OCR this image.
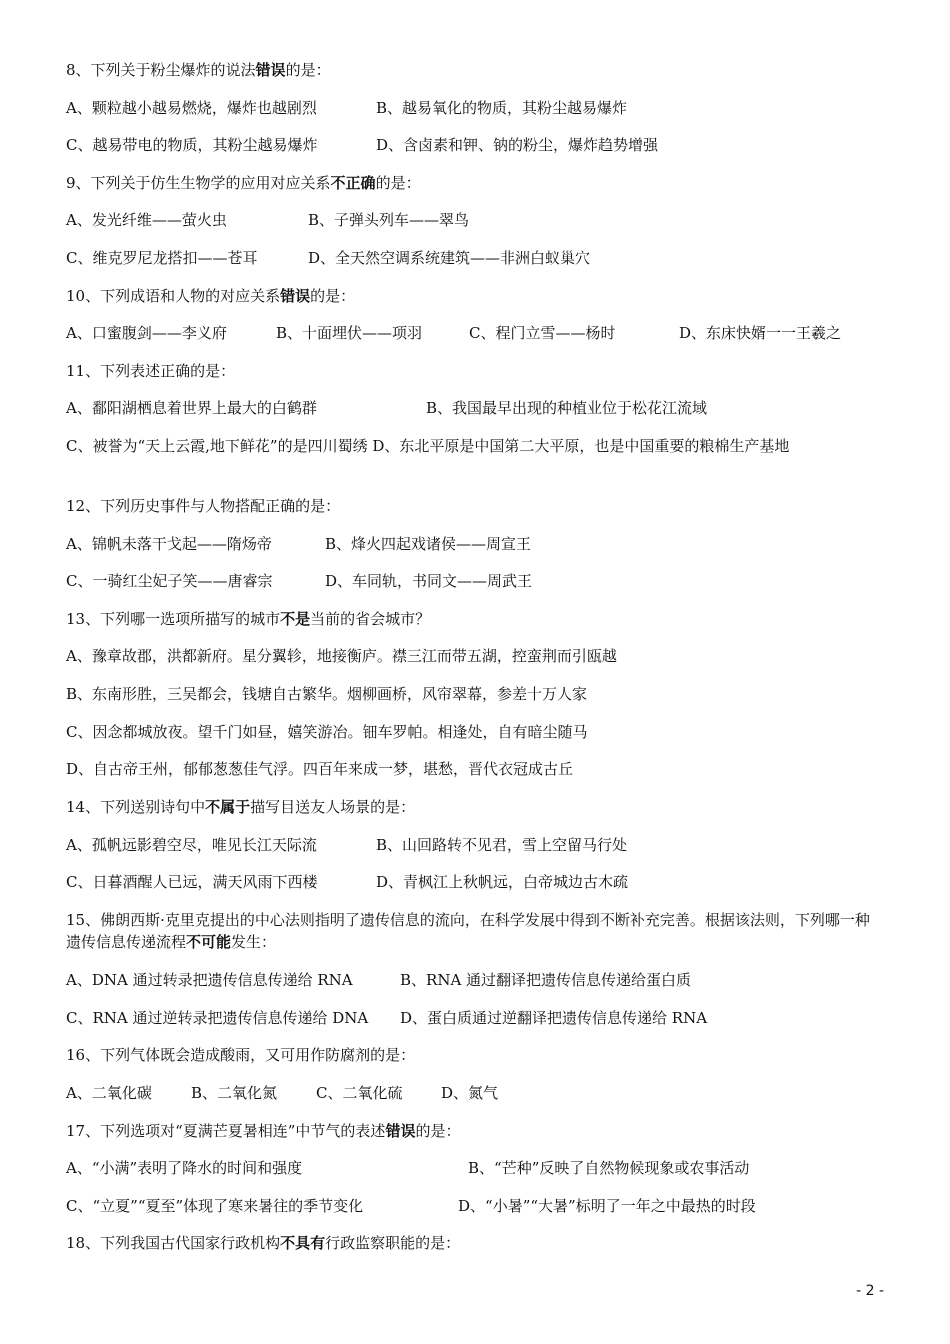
8、下列关于粉尘爆炸的说法错误的是：
A、颗粒越小越易燃烧，爆炸也越剧烈	B、越易氧化的物质，其粉尘越易爆炸
C、越易带电的物质，其粉尘越易爆炸	D、含卤素和钾、钠的粉尘，爆炸趋势增强
9、下列关于仿生生物学的应用对应关系不正确的是：
A、发光纤维——萤火虫	B、子弹头列车——翠鸟
C、维克罗尼龙搭扣——苍耳	D、全天然空调系统建筑——非洲白蚁巢穴
10、下列成语和人物的对应关系错误的是：
A、口蜜腹剑——李义府	B、十面埋伏——项羽	C、程门立雪——杨时	D、东床快婿一一王羲之
11、下列表述正确的是：
A、鄱阳湖栖息着世界上最大的白鹤群	B、我国最早出现的种植业位于松花江流域
C、被誉为“天上云霞,地下鲜花”的是四川蜀绣 D、东北平原是中国第二大平原，也是中国重要的粮棉生产基地
12、下列历史事件与人物搭配正确的是：
A、锦帆未落干戈起——隋炀帝	B、烽火四起戏诸侯——周宣王
C、一骑红尘妃子笑——唐睿宗	D、车同轨，书同文——周武王
13、下列哪一选项所描写的城市不是当前的省会城市？
A、豫章故郡，洪都新府。星分翼轸，地接衡庐。襟三江而带五湖，控蛮荆而引瓯越
B、东南形胜，三吴都会，钱塘自古繁华。烟柳画桥，风帘翠幕，参差十万人家
C、因念都城放夜。望千门如昼，嬉笑游冶。钿车罗帕。相逢处，自有暗尘随马
D、自古帝王州，郁郁葱葱佳气浮。四百年来成一梦，堪愁，晋代衣冠成古丘
14、下列送别诗句中不属于描写目送友人场景的是：
A、孤帆远影碧空尽，唯见长江天际流	B、山回路转不见君，雪上空留马行处
C、日暮酒醒人已远，满天风雨下西楼	D、青枫江上秋帆远，白帝城边古木疏
15、佛朗西斯·克里克提出的中心法则指明了遗传信息的流向，在科学发展中得到不断补充完善。根据该法则，下列哪一种遗传信息传递流程不可能发生：
A、DNA 通过转录把遗传信息传递给 RNA	B、RNA 通过翻译把遗传信息传递给蛋白质
C、RNA 通过逆转录把遗传信息传递给 DNA D、蛋白质通过逆翻译把遗传信息传递给 RNA
16、下列气体既会造成酸雨，又可用作防腐剂的是：
A、二氧化碳	B、二氧化氮	C、二氧化硫	D、氮气
17、下列选项对“夏满芒夏暑相连”中节气的表述错误的是：
A、“小满”表明了降水的时间和强度	B、“芒种”反映了自然物候现象或农事活动
C、“立夏”“夏至”体现了寒来暑往的季节变化	D、“小暑”“大暑”标明了一年之中最热的时段
18、下列我国古代国家行政机构不具有行政监察职能的是：
- 2 -
